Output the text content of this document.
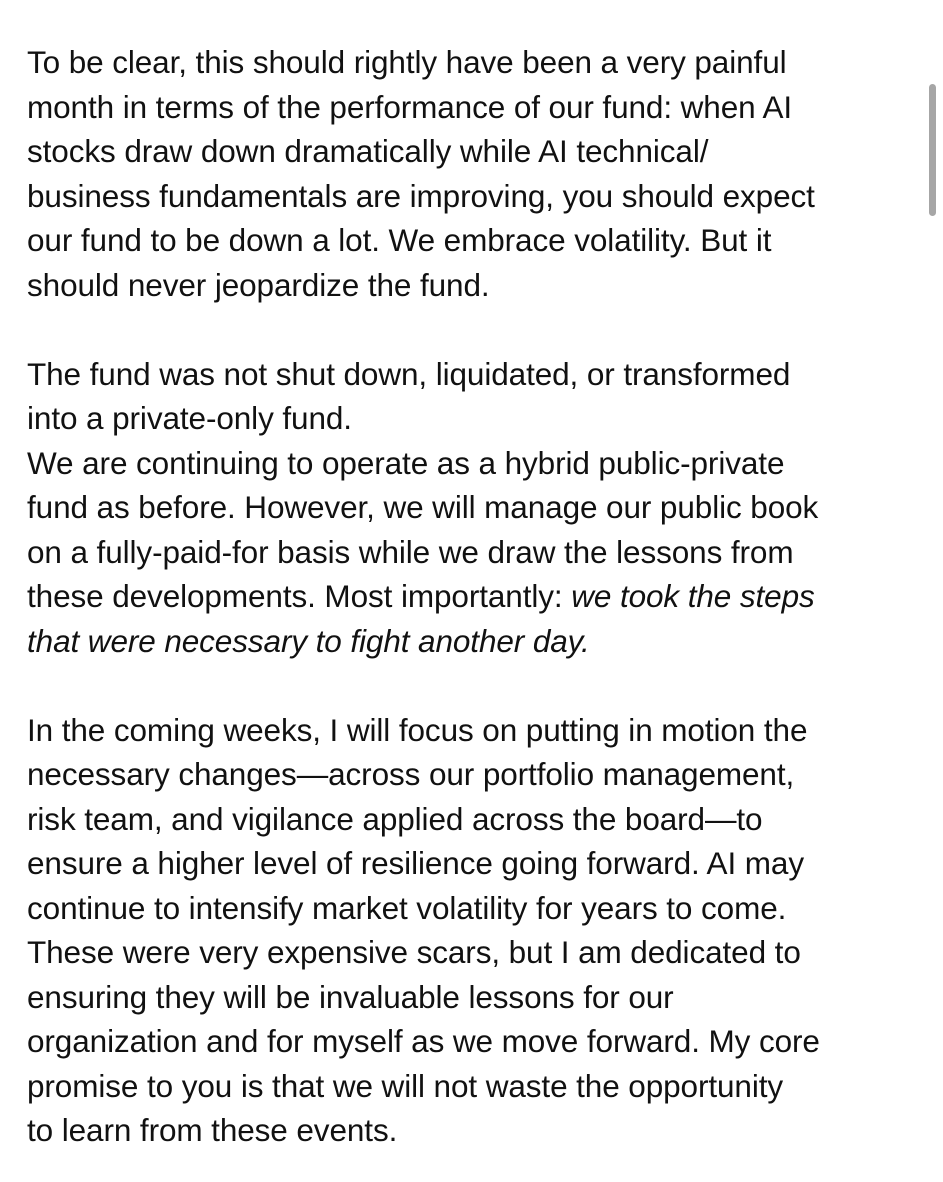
To be clear, this should rightly have been a very painful
month in terms of the performance of our fund: when AI
stocks draw down dramatically while AI technical/
business fundamentals are improving, you should expect
our fund to be down a lot. We embrace volatility. But it
should never jeopardize the fund.

The fund was not shut down, liquidated, or transformed
into a private-only fund.
We are continuing to operate as a hybrid public-private
fund as before. However, we will manage our public book
on a fully-paid-for basis while we draw the lessons from
these developments. Most importantly: we took the steps
that were necessary to fight another day.

In the coming weeks, I will focus on putting in motion the
necessary changes—across our portfolio management,
risk team, and vigilance applied across the board—to
ensure a higher level of resilience going forward. AI may
continue to intensify market volatility for years to come.
These were very expensive scars, but I am dedicated to
ensuring they will be invaluable lessons for our
organization and for myself as we move forward. My core
promise to you is that we will not waste the opportunity
to learn from these events.
